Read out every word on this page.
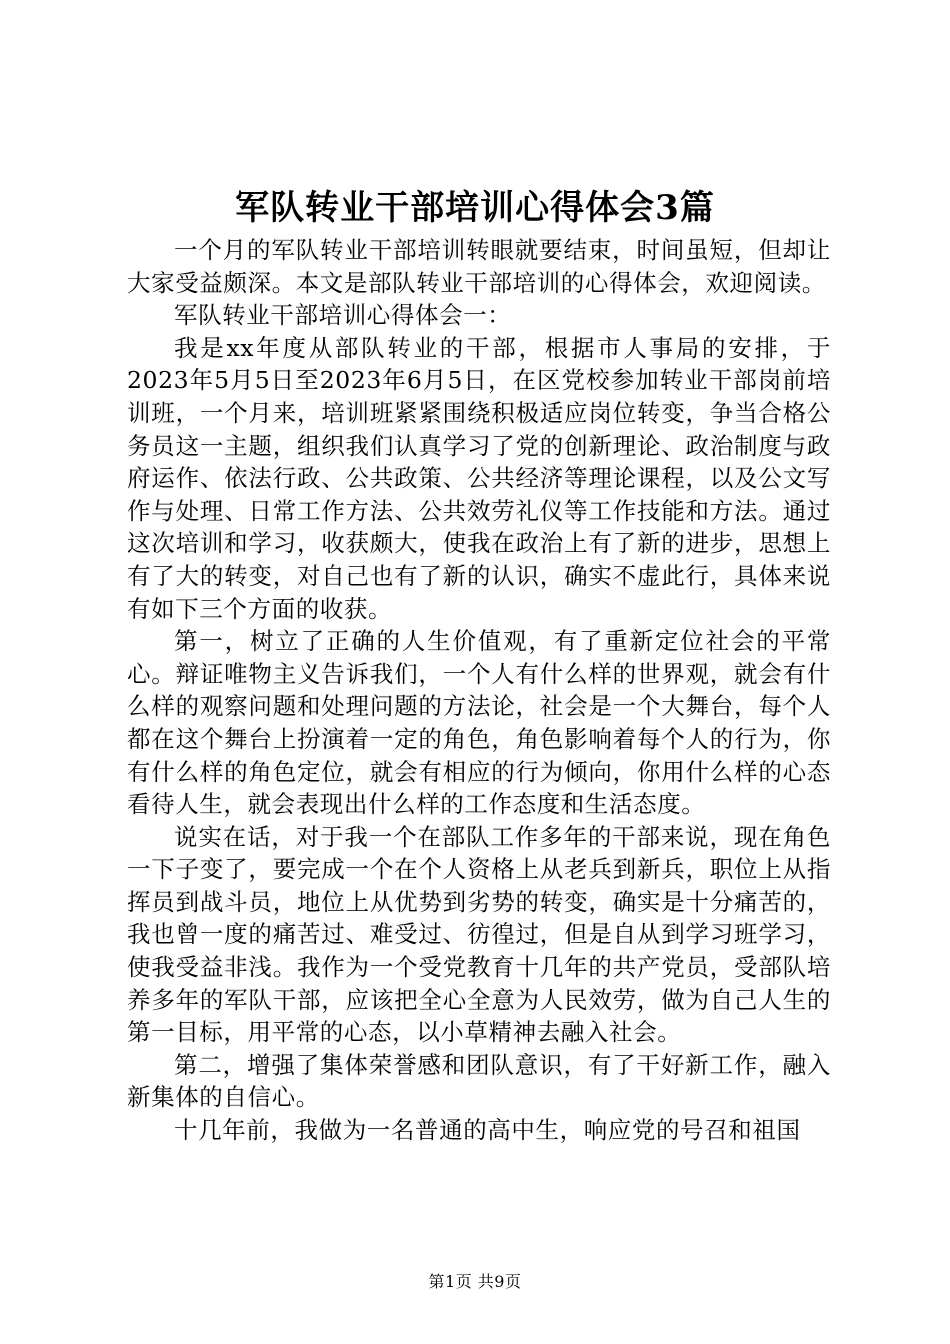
军队转业干部培训心得体会3篇

一个月的军队转业干部培训转眼就要结束，时间虽短，但却让大家受益颇深。本文是部队转业干部培训的心得体会，欢迎阅读。

军队转业干部培训心得体会一：

我是xx年度从部队转业的干部，根据市人事局的安排，于2023年5月5日至2023年6月5日，在区党校参加转业干部岗前培训班，一个月来，培训班紧紧围绕积极适应岗位转变，争当合格公务员这一主题，组织我们认真学习了党的创新理论、政治制度与政府运作、依法行政、公共政策、公共经济等理论课程，以及公文写作与处理、日常工作方法、公共效劳礼仪等工作技能和方法。通过这次培训和学习，收获颇大，使我在政治上有了新的进步，思想上有了大的转变，对自己也有了新的认识，确实不虚此行，具体来说有如下三个方面的收获。

第一，树立了正确的人生价值观，有了重新定位社会的平常心。辩证唯物主义告诉我们，一个人有什么样的世界观，就会有什么样的观察问题和处理问题的方法论，社会是一个大舞台，每个人都在这个舞台上扮演着一定的角色，角色影响着每个人的行为，你有什么样的角色定位，就会有相应的行为倾向，你用什么样的心态看待人生，就会表现出什么样的工作态度和生活态度。

说实在话，对于我一个在部队工作多年的干部来说，现在角色一下子变了，要完成一个在个人资格上从老兵到新兵，职位上从指挥员到战斗员，地位上从优势到劣势的转变，确实是十分痛苦的，我也曾一度的痛苦过、难受过、彷徨过，但是自从到学习班学习，使我受益非浅。我作为一个受党教育十几年的共产党员，受部队培养多年的军队干部，应该把全心全意为人民效劳，做为自己人生的第一目标，用平常的心态，以小草精神去融入社会。

第二，增强了集体荣誉感和团队意识，有了干好新工作，融入新集体的自信心。

十几年前，我做为一名普通的高中生，响应党的号召和祖国

第1页 共9页
